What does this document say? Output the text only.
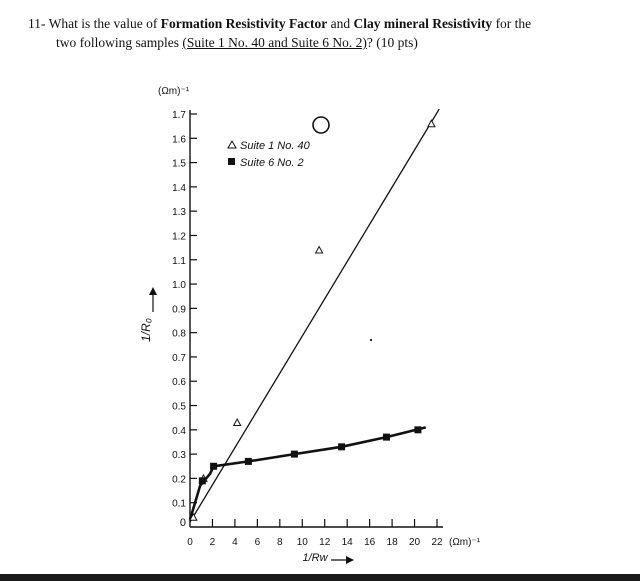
11- What is the value of Formation Resistivity Factor and Clay mineral Resistivity for the
two following samples (Suite 1 No. 40 and Suite 6 No. 2)? (10 pts)
0
0.1
0.2
0.3
0.4
0.5
0.6
0.7
0.8
0.9
1.0
1.1
1.2
1.3
1.4
1.5
1.6
1.7
0 2 4 6 8 10 12 14 16 18 20 22
(Ωm)⁻¹
(Ωm)⁻¹
1/R₀
1/Rw
Suite 1 No. 40
Suite 6 No. 2
